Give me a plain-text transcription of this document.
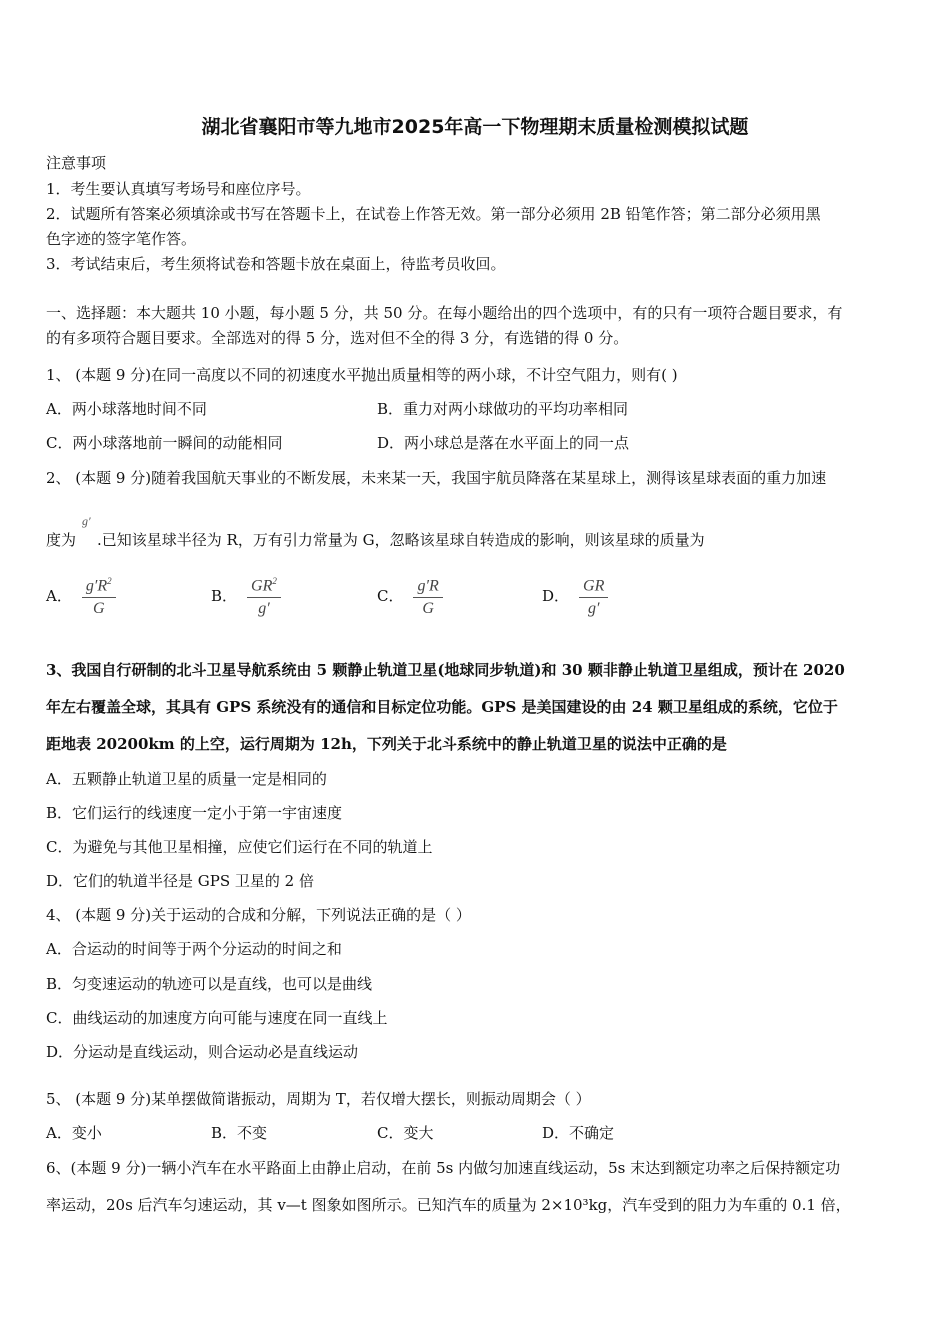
湖北省襄阳市等九地市2025年高一下物理期末质量检测模拟试题
注意事项
1．考生要认真填写考场号和座位序号。
2．试题所有答案必须填涂或书写在答题卡上，在试卷上作答无效。第一部分必须用 2B 铅笔作答；第二部分必须用黑
色字迹的签字笔作答。
3．考试结束后，考生须将试卷和答题卡放在桌面上，待监考员收回。
一、选择题：本大题共 10 小题，每小题 5 分，共 50 分。在每小题给出的四个选项中，有的只有一项符合题目要求，有
的有多项符合题目要求。全部选对的得 5 分，选对但不全的得 3 分，有选错的得 0 分。
1、 (本题 9 分)在同一高度以不同的初速度水平抛出质量相等的两小球，不计空气阻力，则有( )
A．两小球落地时间不同	B．重力对两小球做功的平均功率相同
C．两小球落地前一瞬间的动能相同	D．两小球总是落在水平面上的同一点
2、 (本题 9 分)随着我国航天事业的不断发展，未来某一天，我国宇航员降落在某星球上，测得该星球表面的重力加速
度为
g′
.已知该星球半径为 R，万有引力常量为 G，忽略该星球自转造成的影响，则该星球的质量为
A． $\frac{g'R^2}{G}$	B． $\frac{GR^2}{g'}$	C． $\frac{g'R}{G}$	D． $\frac{GR}{g'}$
3、我国自行研制的北斗卫星导航系统由 5 颗静止轨道卫星(地球同步轨道)和 30 颗非静止轨道卫星组成，预计在 2020
年左右覆盖全球，其具有 GPS 系统没有的通信和目标定位功能。GPS 是美国建设的由 24 颗卫星组成的系统，它位于
距地表 20200km 的上空，运行周期为 12h，下列关于北斗系统中的静止轨道卫星的说法中正确的是
A．五颗静止轨道卫星的质量一定是相同的
B．它们运行的线速度一定小于第一宇宙速度
C．为避免与其他卫星相撞，应使它们运行在不同的轨道上
D．它们的轨道半径是 GPS 卫星的 2 倍
4、 (本题 9 分)关于运动的合成和分解，下列说法正确的是（ ）
A．合运动的时间等于两个分运动的时间之和
B．匀变速运动的轨迹可以是直线，也可以是曲线
C．曲线运动的加速度方向可能与速度在同一直线上
D．分运动是直线运动，则合运动必是直线运动
5、 (本题 9 分)某单摆做简谐振动，周期为 T，若仅增大摆长，则振动周期会（ ）
A．变小	B．不变	C．变大	D．不确定
6、(本题 9 分)一辆小汽车在水平路面上由静止启动，在前 5s 内做匀加速直线运动，5s 末达到额定功率之后保持额定功
率运动，20s 后汽车匀速运动，其 v—t 图象如图所示。已知汽车的质量为 2×10³kg，汽车受到的阻力为车重的 0.1 倍，
